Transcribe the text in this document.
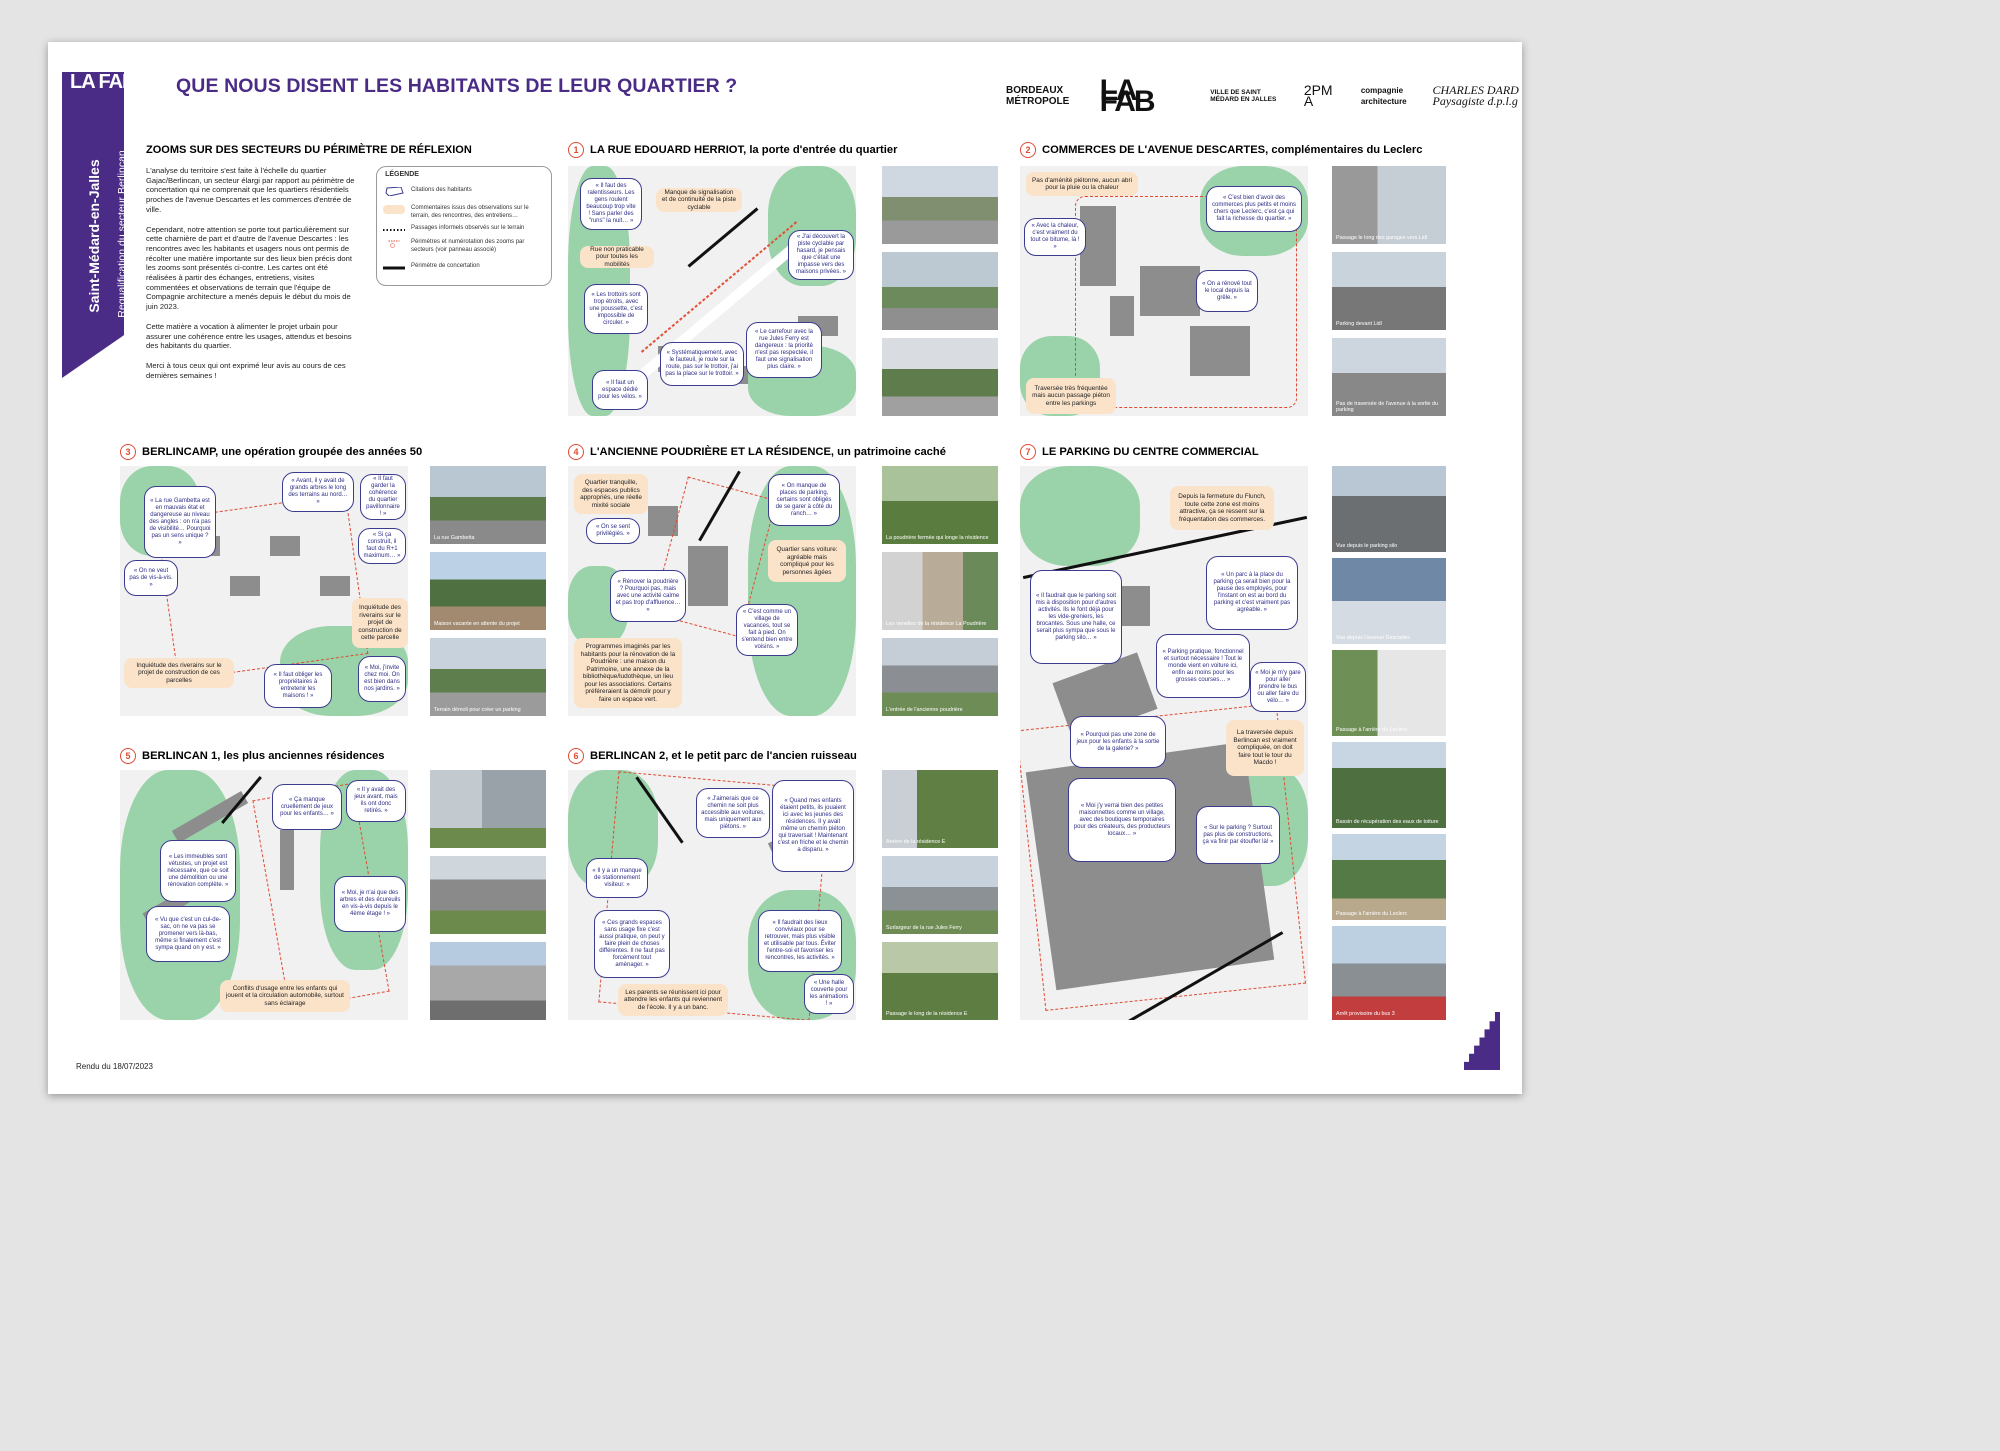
LA FAB
Saint-Médard-en-Jalles Requalification du secteur Berlincan
QUE NOUS DISENT LES HABITANTS DE LEUR QUARTIER ?	BORDEAUX MÉTROPOLE	LA FAB	VILLE DE SAINT MÉDARD EN JALLES
2PM A
compagnie architecture
CHARLES DARD Paysagiste d.p.l.g
ZOOMS SUR DES SECTEURS DU PÉRIMÈTRE DE RÉFLEXION

L'analyse du territoire s'est faite à l'échelle du quartier Gajac/Berlincan, un secteur élargi par rapport au périmètre de concertation qui ne comprenait que les quartiers résidentiels proches de l'avenue Descartes et les commerces d'entrée de ville.

Cependant, notre attention se porte tout particulièrement sur cette charnière de part et d'autre de l'avenue Descartes : les rencontres avec les habitants et usagers nous ont permis de récolter une matière importante sur des lieux bien précis dont les zooms sont présentés ci-contre. Les cartes ont été réalisées à partir des échanges, entretiens, visites commentées et observations de terrain que l'équipe de Compagnie architecture a menés depuis le début du mois de juin 2023.

Cette matière a vocation à alimenter le projet urbain pour assurer une cohérence entre les usages, attendus et besoins des habitants du quartier.

Merci à tous ceux qui ont exprimé leur avis au cours de ces dernières semaines !

LÉGENDE
Citations des habitants
Commentaires issus des observations sur le terrain, des rencontres, des entretiens…
Passages informels observés sur le terrain
Périmètres et numérotation des zooms par secteurs (voir panneau associé)
Périmètre de concertation
1	LA RUE EDOUARD HERRIOT, la porte d'entrée du quartier
« Il faut des ralentisseurs. Les gens roulent beaucoup trop vite ! Sans parler des "runs" la nuit… »
Manque de signalisation et de continuité de la piste cyclable
« J'ai découvert la piste cyclable par hasard, je pensais que c'était une impasse vers des maisons privées. »
Rue non praticable pour toutes les mobilités
« Les trottoirs sont trop étroits, avec une poussette, c'est impossible de circuler. »
« Le carrefour avec la rue Jules Ferry est dangereux : la priorité n'est pas respectée, il faut une signalisation plus claire. »
« Systématiquement, avec le fauteuil, je roule sur la route, pas sur le trottoir, j'ai pas la place sur le trottoir. »
« Il faut un espace dédié pour les vélos. »
2	COMMERCES DE L'AVENUE DESCARTES, complémentaires du Leclerc
Pas d'aménité piétonne, aucun abri pour la pluie ou la chaleur
« C'est bien d'avoir des commerces plus petits et moins chers que Leclerc, c'est ça qui fait la richesse du quartier. »
« Avec la chaleur, c'est vraiment du tout ce bitume, là ! »
« On a rénové tout le local depuis la grêle. »
Traversée très fréquentée mais aucun passage piéton entre les parkings
Passage le long des garages vers Lidl
Parking devant Lidl
Pas de traversée de l'avenue à la sortie du parking
3	BERLINCAMP, une opération groupée des années 50
« La rue Gambetta est en mauvais état et dangereuse au niveau des angles : on n'a pas de visibilité… Pourquoi pas un sens unique ? »
« Avant, il y avait de grands arbres le long des terrains au nord… »
« Il faut garder la cohérence du quartier pavillonnaire ! »
« Si ça construit, il faut du R+1 maximum… »
« On ne veut pas de vis-à-vis. »
Inquiétude des riverains sur le projet de construction de cette parcelle
Inquiétude des riverains sur le projet de construction de ces parcelles
« Il faut obliger les propriétaires à entretenir les maisons ! »
« Moi, j'invite chez moi. On est bien dans nos jardins. »
La rue Gambetta
Maison vacante en attente du projet
Terrain démoli pour créer un parking
4	L'ANCIENNE POUDRIÈRE ET LA RÉSIDENCE, un patrimoine caché
Quartier tranquille, des espaces publics appropriés, une réelle mixité sociale
« On manque de places de parking, certains sont obligés de se garer à côté du ranch… »
« On se sent privilégiés. »
Quartier sans voiture: agréable mais compliqué pour les personnes âgées
« Rénover la poudrière ? Pourquoi pas, mais avec une activité calme et pas trop d'affluence… »	« C'est comme un village de vacances, tout se fait à pied. On s'entend bien entre voisins. »
Programmes imaginés par les habitants pour la rénovation de la Poudrière : une maison du Patrimoine, une annexe de la bibliothèque/ludothèque, un lieu pour les associations. Certains préféreraient la démolir pour y faire un espace vert.
La poudrière fermée qui longe la résidence
Les venelles de la résidence La Poudrière
L'entrée de l'ancienne poudrière
5	BERLINCAN 1, les plus anciennes résidences
« Ça manque cruellement de jeux pour les enfants… »
« Il y avait des jeux avant, mais ils ont donc retirés. »
« Les immeubles sont vétustes, un projet est nécessaire, que ce soit une démolition ou une rénovation complète. »
« Moi, je n'ai que des arbres et des écureuils en vis-à-vis depuis le 4ème étage ! »
« Vu que c'est un cul-de-sac, on ne va pas se promener vers là-bas, même si finalement c'est sympa quand on y est. »
Conflits d'usage entre les enfants qui jouent et la circulation automobile, surtout sans éclairage
6	BERLINCAN 2, et le petit parc de l'ancien ruisseau
« J'aimerais que ce chemin ne soit plus accessible aux voitures, mais uniquement aux piétons. »
« Quand mes enfants étaient petits, ils jouaient ici avec les jeunes des résidences. Il y avait même un chemin piéton qui traversait ! Maintenant c'est en friche et le chemin a disparu. »
« Il y a un manque de stationnement visiteur. »
« Ces grands espaces sans usage fixe c'est aussi pratique, on peut y faire plein de choses différentes. Il ne faut pas forcément tout aménager. »
« Il faudrait des lieux conviviaux pour se retrouver, mais plus visible et utilisable par tous. Éviter l'entre-soi et favoriser les rencontres, les activités. »
« Une halle couverte pour les animations ! »
Les parents se réunissent ici pour attendre les enfants qui reviennent de l'école. Il y a un banc.
Arrière de la résidence E
Surlargeur de la rue Jules Ferry
Passage le long de la résidence E
7	LE PARKING DU CENTRE COMMERCIAL
Depuis la fermeture du Flunch, toute cette zone est moins attractive, ça se ressent sur la fréquentation des commerces.
« Il faudrait que le parking soit mis à disposition pour d'autres activités. Ils le font déjà pour les vide-greniers, les brocantes. Sous une halle, ce serait plus sympa que sous le parking silo… »
« Un parc à la place du parking ça serait bien pour la pause des employés, pour l'instant on est au bord du parking et c'est vraiment pas agréable. »
« Parking pratique, fonctionnel et surtout nécessaire ! Tout le monde vient en voiture ici, enfin au moins pour les grosses courses… »
« Moi je m'y gare pour aller prendre le bus ou aller faire du vélo… »
« Pourquoi pas une zone de jeux pour les enfants à la sortie de la galerie? »
La traversée depuis Berlincan est vraiment compliquée, on doit faire tout le tour du Macdo !
« Moi j'y verrai bien des petites maisonnettes comme un village, avec des boutiques temporaires pour des créateurs, des producteurs locaux… »
« Sur le parking ? Surtout pas plus de constructions, ça va finir par étouffer là! »
Vue depuis le parking silo
Vue depuis l'avenue Descartes
Passage à l'arrière du Leclerc
Bassin de récupération des eaux de toiture
Passage à l'arrière du Leclerc
Arrêt provisoire du bus 3
Rendu du 18/07/2023
